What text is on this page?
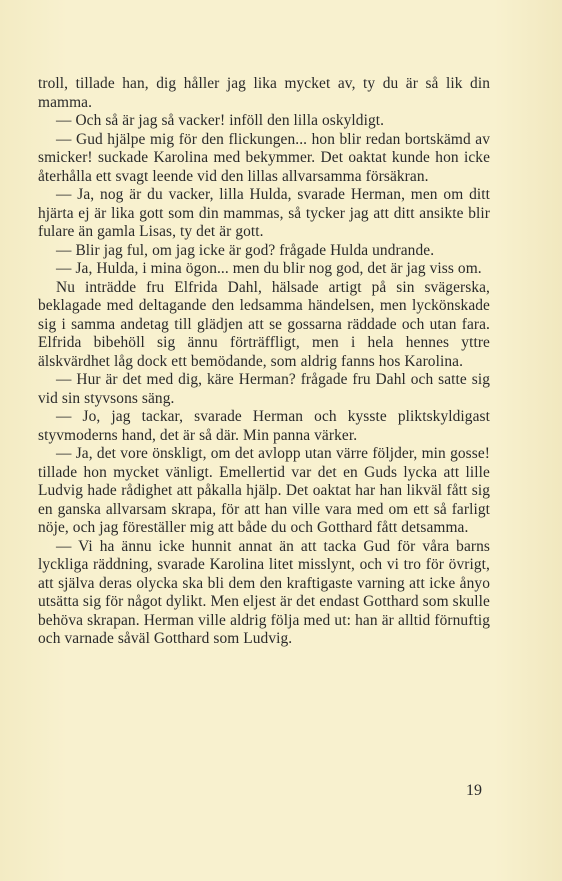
troll, tillade han, dig håller jag lika mycket av, ty du är så lik din mamma.

— Och så är jag så vacker! inföll den lilla oskyldigt.

— Gud hjälpe mig för den flickungen... hon blir redan bortskämd av smicker! suckade Karolina med bekymmer. Det oaktat kunde hon icke återhålla ett svagt leende vid den lillas allvarsamma försäkran.

— Ja, nog är du vacker, lilla Hulda, svarade Herman, men om ditt hjärta ej är lika gott som din mammas, så tycker jag att ditt ansikte blir fulare än gamla Lisas, ty det är gott.

— Blir jag ful, om jag icke är god? frågade Hulda undrande.

— Ja, Hulda, i mina ögon... men du blir nog god, det är jag viss om.

Nu inträdde fru Elfrida Dahl, hälsade artigt på sin svägerska, beklagade med deltagande den ledsamma händelsen, men lyckönskade sig i samma andetag till glädjen att se gossarna räddade och utan fara. Elfrida bibehöll sig ännu förträffligt, men i hela hennes yttre älskvärdhet låg dock ett bemödande, som aldrig fanns hos Karolina.

— Hur är det med dig, käre Herman? frågade fru Dahl och satte sig vid sin styvsons säng.

— Jo, jag tackar, svarade Herman och kysste pliktskyldigast styvmoderns hand, det är så där. Min panna värker.

— Ja, det vore önskligt, om det avlopp utan värre följder, min gosse! tillade hon mycket vänligt. Emellertid var det en Guds lycka att lille Ludvig hade rådighet att påkalla hjälp. Det oaktat har han likväl fått sig en ganska allvarsam skrapa, för att han ville vara med om ett så farligt nöje, och jag föreställer mig att både du och Gotthard fått detsamma.

— Vi ha ännu icke hunnit annat än att tacka Gud för våra barns lyckliga räddning, svarade Karolina litet misslynt, och vi tro för övrigt, att själva deras olycka ska bli dem den kraftigaste varning att icke ånyo utsätta sig för något dylikt. Men eljest är det endast Gotthard som skulle behöva skrapan. Herman ville aldrig följa med ut: han är alltid förnuftig och varnade såväl Gotthard som Ludvig.

19
